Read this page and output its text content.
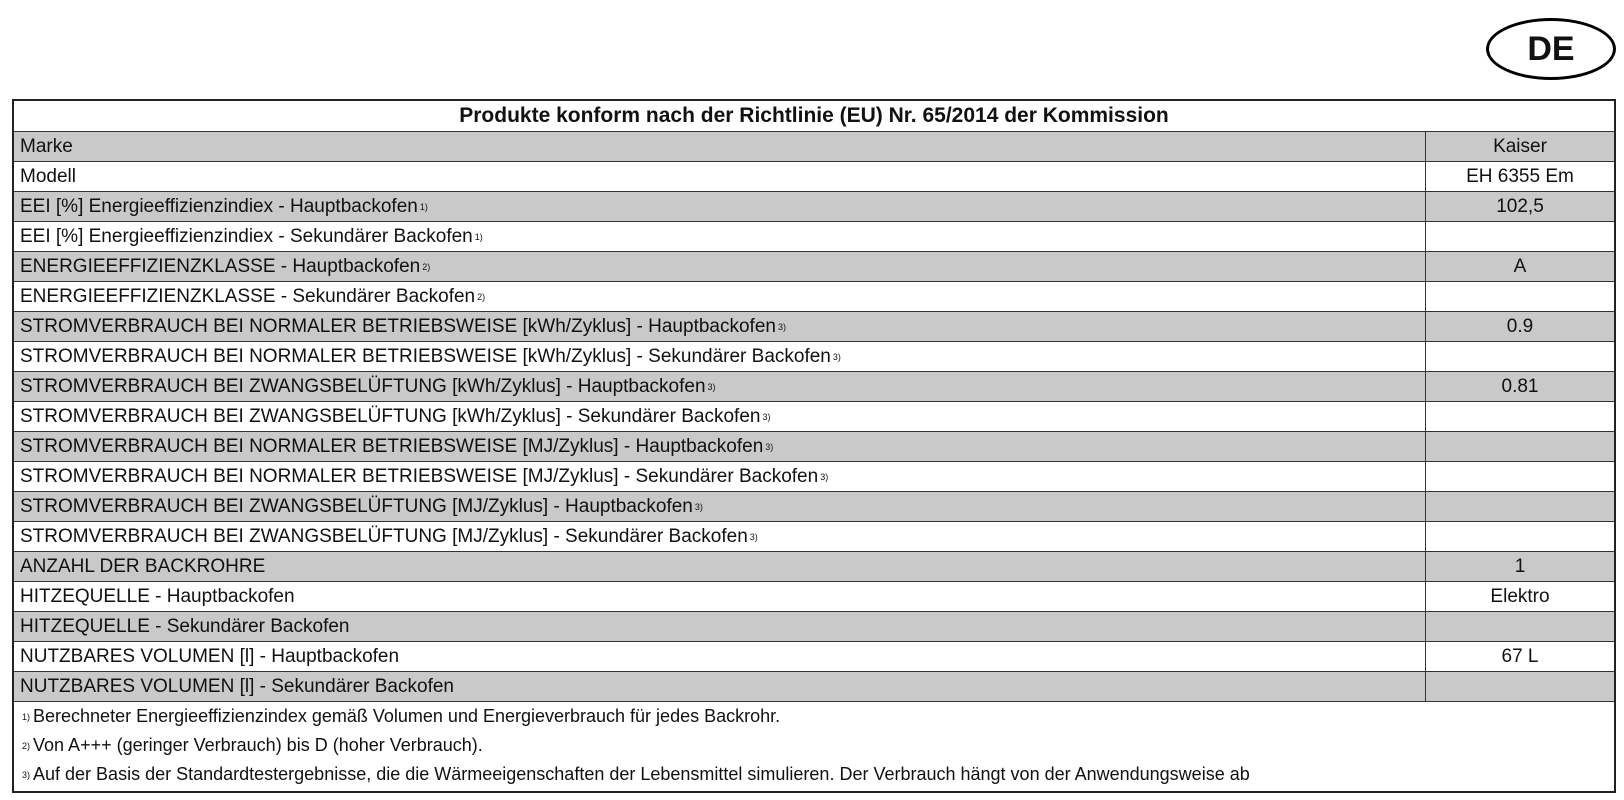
DE
Produkte konform nach der Richtlinie (EU) Nr. 65/2014 der Kommission
Marke	Kaiser
Modell	EH 6355 Em
EEI [%] Energieeffizienzindiex - Hauptbackofen 1)	102,5
EEI [%] Energieeffizienzindiex - Sekundärer Backofen 1)
ENERGIEEFFIZIENZKLASSE - Hauptbackofen 2)	A
ENERGIEEFFIZIENZKLASSE - Sekundärer Backofen 2)
STROMVERBRAUCH BEI NORMALER BETRIEBSWEISE [kWh/Zyklus] - Hauptbackofen 3)	0.9
STROMVERBRAUCH BEI NORMALER BETRIEBSWEISE [kWh/Zyklus] - Sekundärer Backofen 3)
STROMVERBRAUCH BEI ZWANGSBELÜFTUNG [kWh/Zyklus] - Hauptbackofen 3)	0.81
STROMVERBRAUCH BEI ZWANGSBELÜFTUNG [kWh/Zyklus] - Sekundärer Backofen 3)
STROMVERBRAUCH BEI NORMALER BETRIEBSWEISE [MJ/Zyklus] - Hauptbackofen 3)
STROMVERBRAUCH BEI NORMALER BETRIEBSWEISE [MJ/Zyklus] - Sekundärer Backofen 3)
STROMVERBRAUCH BEI ZWANGSBELÜFTUNG [MJ/Zyklus] - Hauptbackofen 3)
STROMVERBRAUCH BEI ZWANGSBELÜFTUNG [MJ/Zyklus] - Sekundärer Backofen 3)
ANZAHL DER BACKROHRE	1
HITZEQUELLE - Hauptbackofen	Elektro
HITZEQUELLE - Sekundärer Backofen
NUTZBARES VOLUMEN [l] - Hauptbackofen	67 L
NUTZBARES VOLUMEN [l] - Sekundärer Backofen
1) Berechneter Energieeffizienzindex gemäß Volumen und Energieverbrauch für jedes Backrohr.
2) Von A+++ (geringer Verbrauch) bis D (hoher Verbrauch).
3) Auf der Basis der Standardtestergebnisse, die die Wärmeeigenschaften der Lebensmittel simulieren. Der Verbrauch hängt von der Anwendungsweise ab
